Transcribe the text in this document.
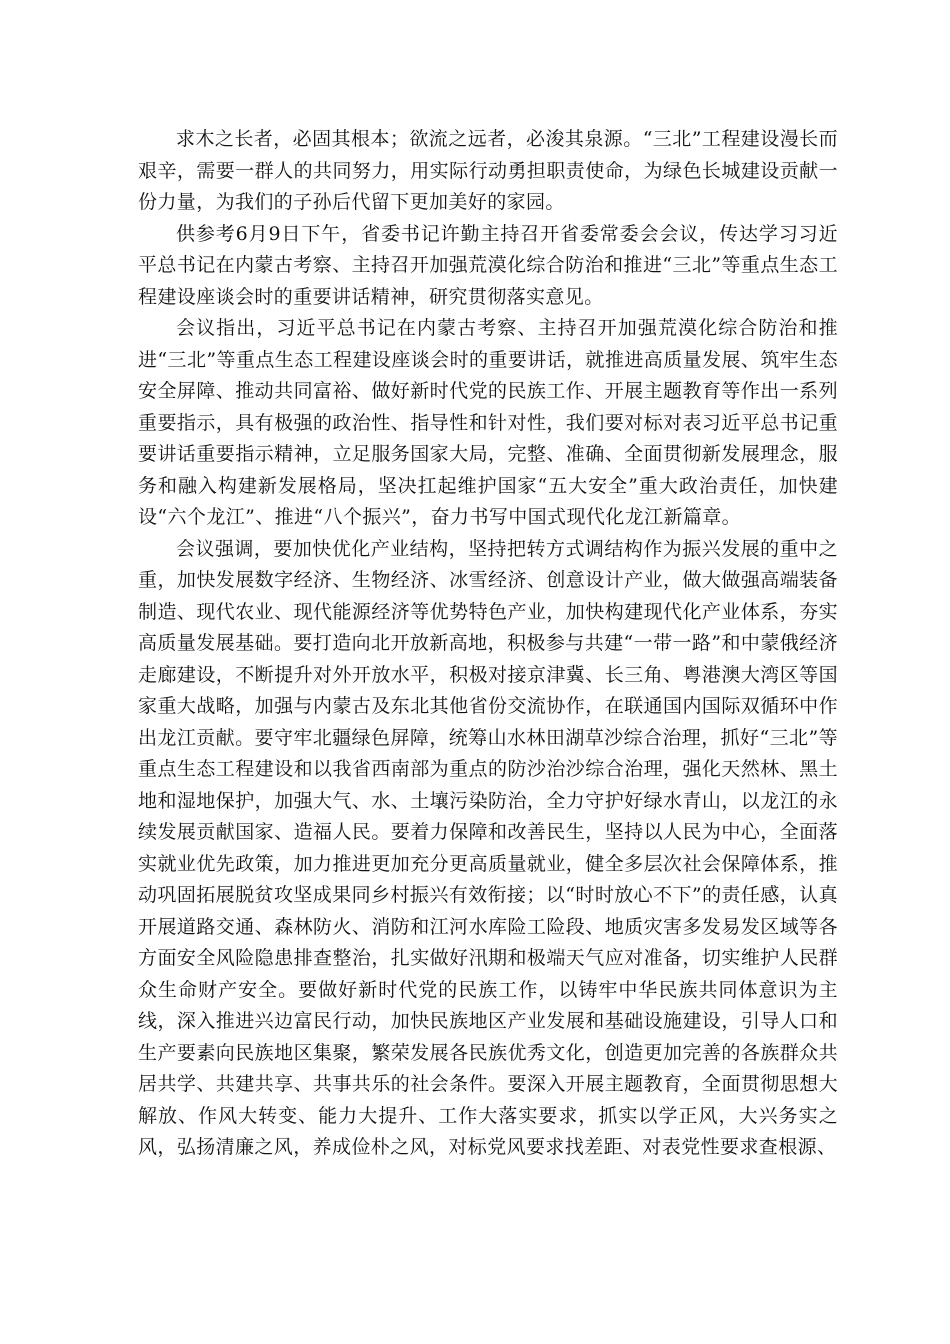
求木之长者，必固其根本；欲流之远者，必浚其泉源。“三北”工程建设漫长而艰辛，需要一群人的共同努力，用实际行动勇担职责使命，为绿色长城建设贡献一份力量，为我们的子孙后代留下更加美好的家园。

供参考6月9日下午，省委书记许勤主持召开省委常委会会议，传达学习习近平总书记在内蒙古考察、主持召开加强荒漠化综合防治和推进“三北”等重点生态工程建设座谈会时的重要讲话精神，研究贯彻落实意见。

会议指出，习近平总书记在内蒙古考察、主持召开加强荒漠化综合防治和推进“三北”等重点生态工程建设座谈会时的重要讲话，就推进高质量发展、筑牢生态安全屏障、推动共同富裕、做好新时代党的民族工作、开展主题教育等作出一系列重要指示，具有极强的政治性、指导性和针对性，我们要对标对表习近平总书记重要讲话重要指示精神，立足服务国家大局，完整、准确、全面贯彻新发展理念，服务和融入构建新发展格局，坚决扛起维护国家“五大安全”重大政治责任，加快建设“六个龙江”、推进“八个振兴”，奋力书写中国式现代化龙江新篇章。

会议强调，要加快优化产业结构，坚持把转方式调结构作为振兴发展的重中之重，加快发展数字经济、生物经济、冰雪经济、创意设计产业，做大做强高端装备制造、现代农业、现代能源经济等优势特色产业，加快构建现代化产业体系，夯实高质量发展基础。要打造向北开放新高地，积极参与共建“一带一路”和中蒙俄经济走廊建设，不断提升对外开放水平，积极对接京津冀、长三角、粤港澳大湾区等国家重大战略，加强与内蒙古及东北其他省份交流协作，在联通国内国际双循环中作出龙江贡献。要守牢北疆绿色屏障，统筹山水林田湖草沙综合治理，抓好“三北”等重点生态工程建设和以我省西南部为重点的防沙治沙综合治理，强化天然林、黑土地和湿地保护，加强大气、水、土壤污染防治，全力守护好绿水青山，以龙江的永续发展贡献国家、造福人民。要着力保障和改善民生，坚持以人民为中心，全面落实就业优先政策，加力推进更加充分更高质量就业，健全多层次社会保障体系，推动巩固拓展脱贫攻坚成果同乡村振兴有效衔接；以“时时放心不下”的责任感，认真开展道路交通、森林防火、消防和江河水库险工险段、地质灾害多发易发区域等各方面安全风险隐患排查整治，扎实做好汛期和极端天气应对准备，切实维护人民群众生命财产安全。要做好新时代党的民族工作，以铸牢中华民族共同体意识为主线，深入推进兴边富民行动，加快民族地区产业发展和基础设施建设，引导人口和生产要素向民族地区集聚，繁荣发展各民族优秀文化，创造更加完善的各族群众共居共学、共建共享、共事共乐的社会条件。要深入开展主题教育，全面贯彻思想大解放、作风大转变、能力大提升、工作大落实要求，抓实以学正风，大兴务实之风，弘扬清廉之风，养成俭朴之风，对标党风要求找差距、对表党性要求查根源、
